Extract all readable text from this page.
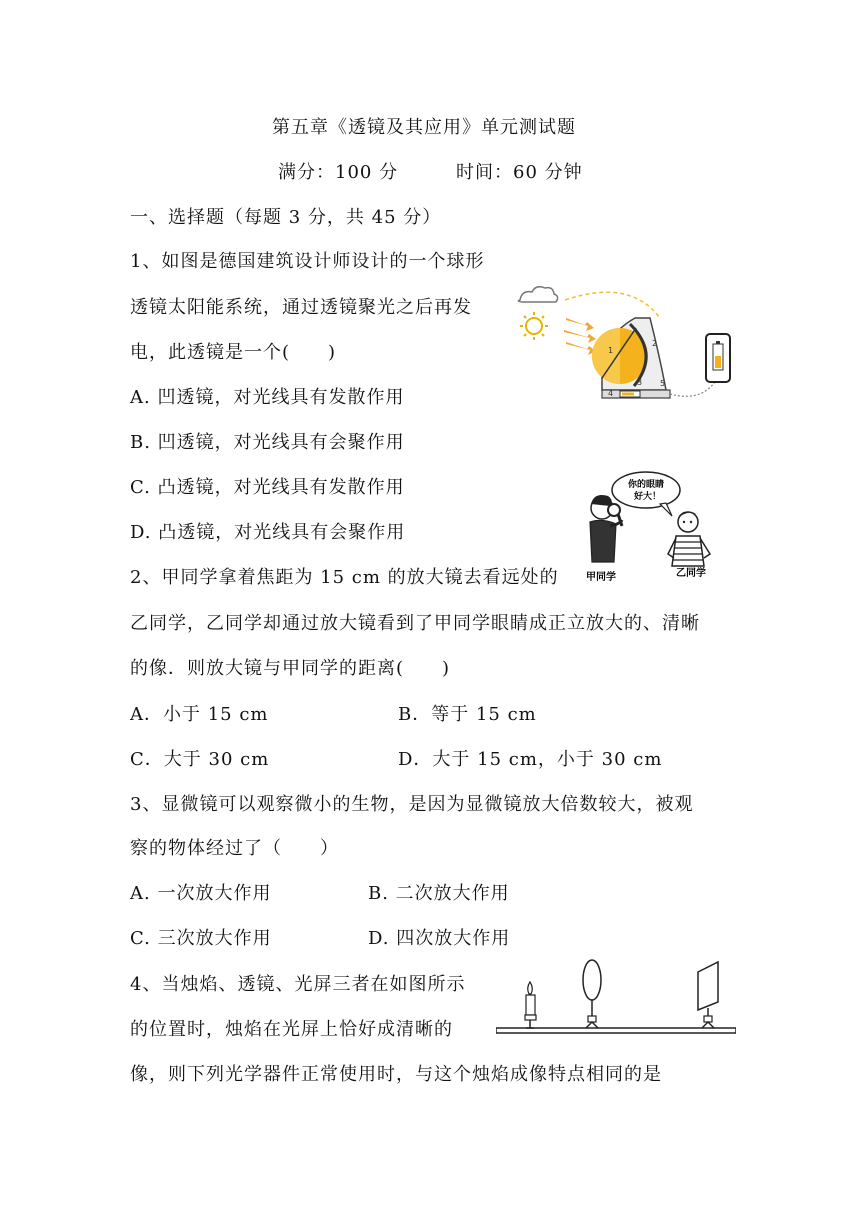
第五章《透镜及其应用》单元测试题
满分：100 分	时间：60 分钟
一、选择题（每题 3 分，共 45 分）
1、如图是德国建筑设计师设计的一个球形
透镜太阳能系统，通过透镜聚光之后再发
电，此透镜是一个(　　)
A. 凹透镜，对光线具有发散作用
B. 凹透镜，对光线具有会聚作用
C. 凸透镜，对光线具有发散作用
D. 凸透镜，对光线具有会聚作用
1
2
3
4
5
2、甲同学拿着焦距为 15 cm 的放大镜去看远处的
乙同学，乙同学却通过放大镜看到了甲同学眼睛成正立放大的、清晰
的像．则放大镜与甲同学的距离(　　)
A．小于 15 cm	B．等于 15 cm
C．大于 30 cm	D．大于 15 cm，小于 30 cm
你的眼睛
好大！
甲同学	乙同学
3、显微镜可以观察微小的生物，是因为显微镜放大倍数较大，被观
察的物体经过了（　　）
A. 一次放大作用	B. 二次放大作用
C. 三次放大作用	D. 四次放大作用
4、当烛焰、透镜、光屏三者在如图所示
的位置时，烛焰在光屏上恰好成清晰的
像，则下列光学器件正常使用时，与这个烛焰成像特点相同的是
